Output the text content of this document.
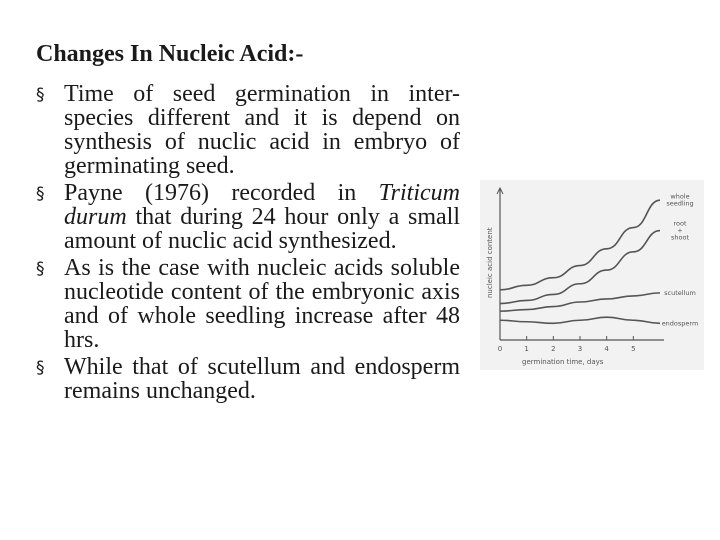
Changes In Nucleic Acid:-
§ Time of seed germination in inter-species different and it is depend on synthesis of nuclic acid in embryo of germinating seed.
§ Payne (1976) recorded in Triticum durum that during 24 hour only a small amount of nuclic acid synthesized.
§ As is the case with nucleic acids soluble nucleotide content of the embryonic axis and of whole seedling increase after 48 hrs.
§ While that of scutellum and endosperm remains unchanged.
nucleic acid content
germination time, days
0	1	2	3	4	5
whole seedling
root + shoot
scutellum
endosperm
